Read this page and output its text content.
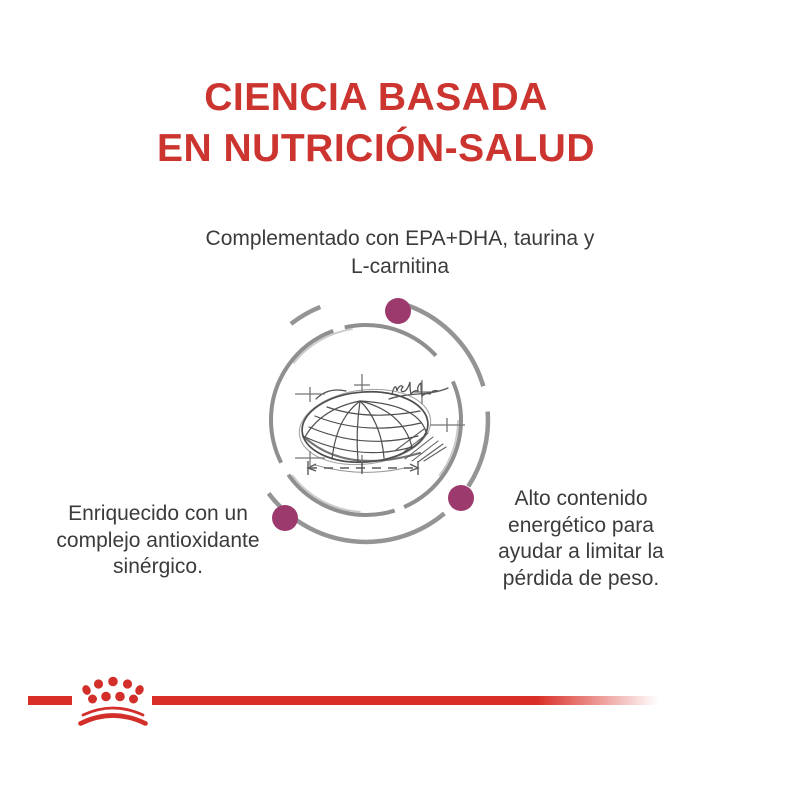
CIENCIA BASADA
EN NUTRICIÓN-SALUD
Complementado con EPA+DHA, taurina y
L-carnitina
Enriquecido con un
complejo antioxidante
sinérgico.
Alto contenido
energético para
ayudar a limitar la
pérdida de peso.
